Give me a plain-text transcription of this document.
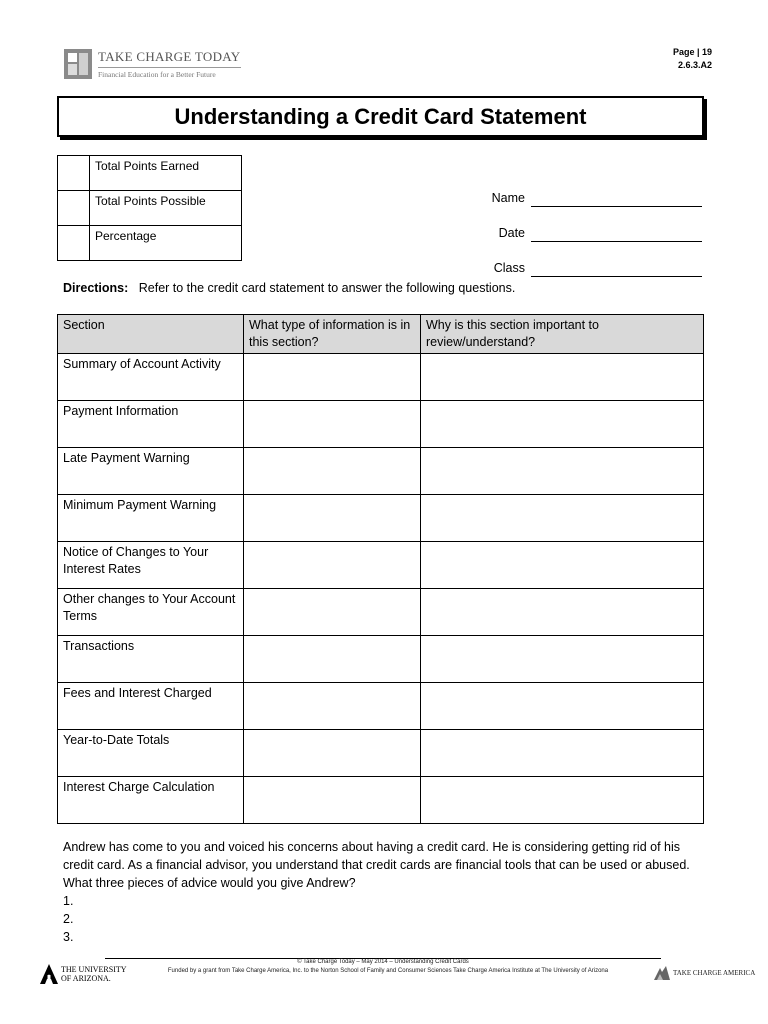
TAKE CHARGE TODAY
Financial Education for a Better Future
Page | 19
2.6.3.A2
Understanding a Credit Card Statement
	Total Points Earned
	Total Points Possible
	Percentage
Name
Date
Class
Directions: Refer to the credit card statement to answer the following questions.
Section	What type of information is in this section?	Why is this section important to review/understand?
Summary of Account Activity		
Payment Information		
Late Payment Warning		
Minimum Payment Warning		
Notice of Changes to Your Interest Rates		
Other changes to Your Account Terms		
Transactions		
Fees and Interest Charged		
Year-to-Date Totals		
Interest Charge Calculation		

Andrew has come to you and voiced his concerns about having a credit card. He is considering getting rid of his credit card. As a financial advisor, you understand that credit cards are financial tools that can be used or abused. What three pieces of advice would you give Andrew?

1.
2.
3.
© Take Charge Today – May 2014 – Understanding Credit Cards
Funded by a grant from Take Charge America, Inc. to the Norton School of Family and Consumer Sciences Take Charge America Institute at The University of Arizona
THE UNIVERSITY
OF ARIZONA.
TAKE CHARGE AMERICA
